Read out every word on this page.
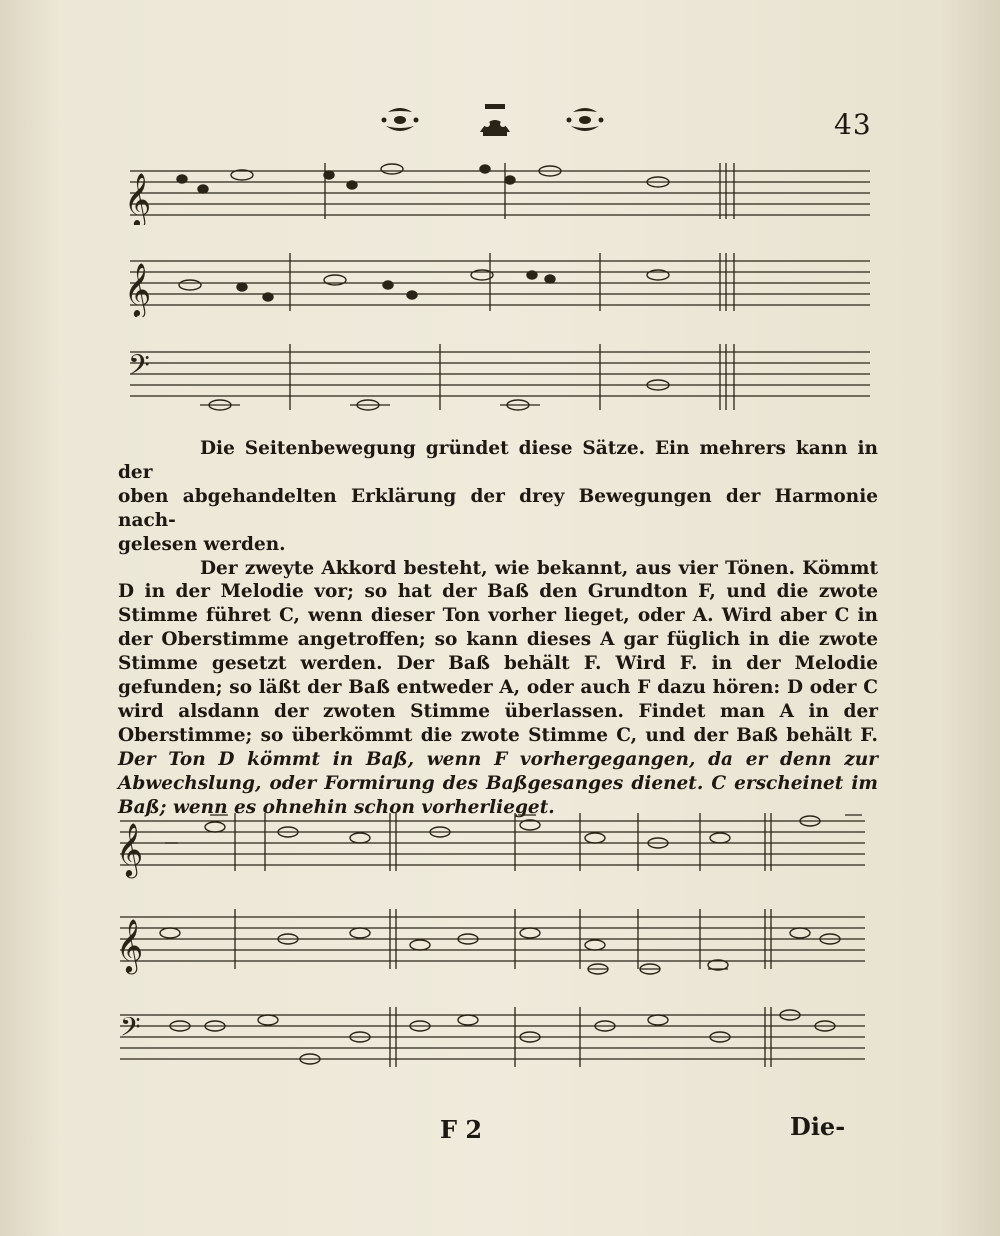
43
𝄞
𝄞
𝄢

Die Seitenbewegung gründet diese Sätze. Ein mehrers kann in der

oben abgehandelten Erklärung der drey Bewegungen der Harmonie nach-

gelesen werden.

Der zweyte Akkord besteht, wie bekannt, aus vier Tönen. Kömmt D in der Melodie vor; so hat der Baß den Grundton F, und die zwote Stimme führet C, wenn dieser Ton vorher lieget, oder A. Wird aber C in der Oberstimme angetroffen; so kann dieses A gar füglich in die zwote Stimme gesetzt werden. Der Baß behält F. Wird F. in der Melodie gefunden; so läßt der Baß entweder A, oder auch F dazu hören: D oder C wird alsdann der zwoten Stimme überlassen. Findet man A in der Oberstimme; so überkömmt die zwote Stimme C, und der Baß behält F. Der Ton D kömmt in Baß, wenn F vorhergegangen, da er denn zur Abwechslung, oder Formirung des Baßgesanges dienet. C erscheinet im Baß; wenn es ohnehin schon vorherlieget.

𝄞
𝄞
𝄢
F 2	Die-
